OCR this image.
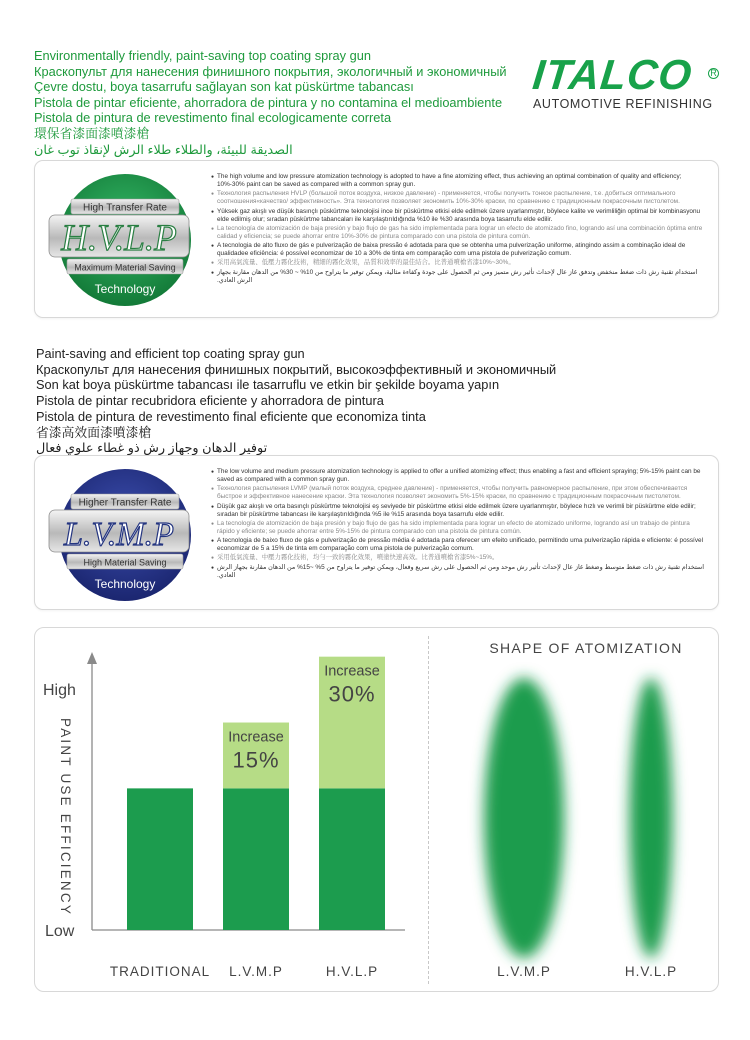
Environmentally friendly, paint-saving top coating spray gun
Краскопульт для нанесения финишного покрытия, экологичный и экономичный
Çevre dostu, boya tasarrufu sağlayan son kat püskürtme tabancası
Pistola de pintar eficiente, ahorradora de pintura y no contamina el medioambiente
Pistola de pintura de revestimento final ecologicamente correta
環保省漆面漆噴漆槍
الصديقة للبيئة، والطلاء طلاء الرش لإنقاذ توب غان
ITALCO	R
AUTOMOTIVE REFINISHING
High Transfer Rate
H.V.L.P
Maximum Material Saving
Technology
● The high volume and low pressure atomization technology is adopted to have a fine atomizing effect, thus achieving an optimal combination of quality and efficiency; 10%-30% paint can be saved as compared with a common spray gun.
● Технология распыления HVLP (большой поток воздуха, низкое давление) - применяется, чтобы получить тонкое распыление, т.е. добиться оптимального соотношения«качество/ эффективность». Эта технология позволяет экономить 10%-30% краски, по сравнению с традиционным покрасочным пистолетом.
● Yüksek gaz akışlı ve düşük basınçlı püskürtme teknolojisi ince bir püskürtme etkisi elde edilmek üzere uyarlanmıştır, böylece kalite ve verimliliğin optimal bir kombinasyonu elde edilmiş olur; sıradan püskürtme tabancaları ile karşılaştırıldığında %10 ile %30 arasında boya tasarrufu elde edilir.
● La tecnología de atomización de baja presión y bajo flujo de gas ha sido implementada para lograr un efecto de atomizado fino, logrando así una combinación óptima entre calidad y eficiencia; se puede ahorrar entre 10%-30% de pintura comparado con una pistola de pintura común.
● A tecnologia de alto fluxo de gás e pulverização de baixa pressão é adotada para que se obtenha uma pulverização uniforme, atingindo assim a combinação ideal de qualidadee eficiência: é possível economizar de 10 a 30% de tinta em comparação com uma pistola de pulverização comum.
● 采用高氣流量、低壓力霧化技術，精細的霧化效果，品質和效率的最佳結合。比普通噴槍省漆10%~30%。
● استخدام تقنية رش ذات ضغط منخفض وتدفق غاز عال لإحداث تأثير رش متميز ومن ثم الحصول على جودة وكفاءة مثالية، ويمكن توفير ما يتراوح من 10% ~ 30% من الدهان مقارنة بجهاز الرش العادي.
Paint-saving and efficient top coating spray gun
Краскопульт для нанесения финишных покрытий, высокоэффективный и экономичный
Son kat boya püskürtme tabancası ile tasarruflu ve etkin bir şekilde boyama yapın
Pistola de pintar recubridora eficiente y ahorradora de pintura
Pistola de pintura de revestimento final eficiente que economiza tinta
省漆高效面漆噴漆槍
توفير الدهان وجهاز رش ذو غطاء علوي فعال
Higher Transfer Rate
L.V.M.P
High Material Saving
Technology
● The low volume and medium pressure atomization technology is applied to offer a unified atomizing effect; thus enabling a fast and efficient spraying; 5%-15% paint can be saved as compared with a common spray gun.
● Технология распыления LVMP (малый поток воздуха, среднее давление) - применяется, чтобы получить равномерное распыление, при этом обеспечивается быстрое и эффективное нанесение краски. Эта технология позволяет экономить 5%-15% краски, по сравнению с традиционным покрасочным пистолетом.
● Düşük gaz akışlı ve orta basınçlı püskürtme teknolojisi eş seviyede bir püskürtme etkisi elde edilmek üzere uyarlanmıştır, böylece hızlı ve verimli bir püskürtme elde edilir; sıradan bir püskürtme tabancası ile karşılaştırıldığında %5 ile %15 arasında boya tasarrufu elde edilir.
● La tecnología de atomización de baja presión y bajo flujo de gas ha sido implementada para lograr un efecto de atomizado uniforme, logrando así un trabajo de pintura rápido y eficiente; se puede ahorrar entre 5%-15% de pintura comparado con una pistola de pintura común.
● A tecnologia de baixo fluxo de gás e pulverização de pressão média é adotada para oferecer um efeito unificado, permitindo uma pulverização rápida e eficiente: é possível economizar de 5 a 15% de tinta em comparação com uma pistola de pulverização comum.
● 采用低氣流量、中壓力霧化技術，均勻一致的霧化效果，噴塗快速高效。比普通噴槍省漆5%~15%。
● استخدام تقنية رش ذات ضغط متوسط وضغط غاز عال لإحداث تأثير رش موحد ومن ثم الحصول على رش سريع وفعال، ويمكن توفير ما يتراوح من 5% ~15% من الدهان مقارنة بجهاز الرش العادي.
High
Low
PAINT USE EFFICIENCY
TRADITIONAL
Increase
15%
L.V.M.P
Increase
30%
H.V.L.P
SHAPE OF ATOMIZATION
L.V.M.P	H.V.L.P
